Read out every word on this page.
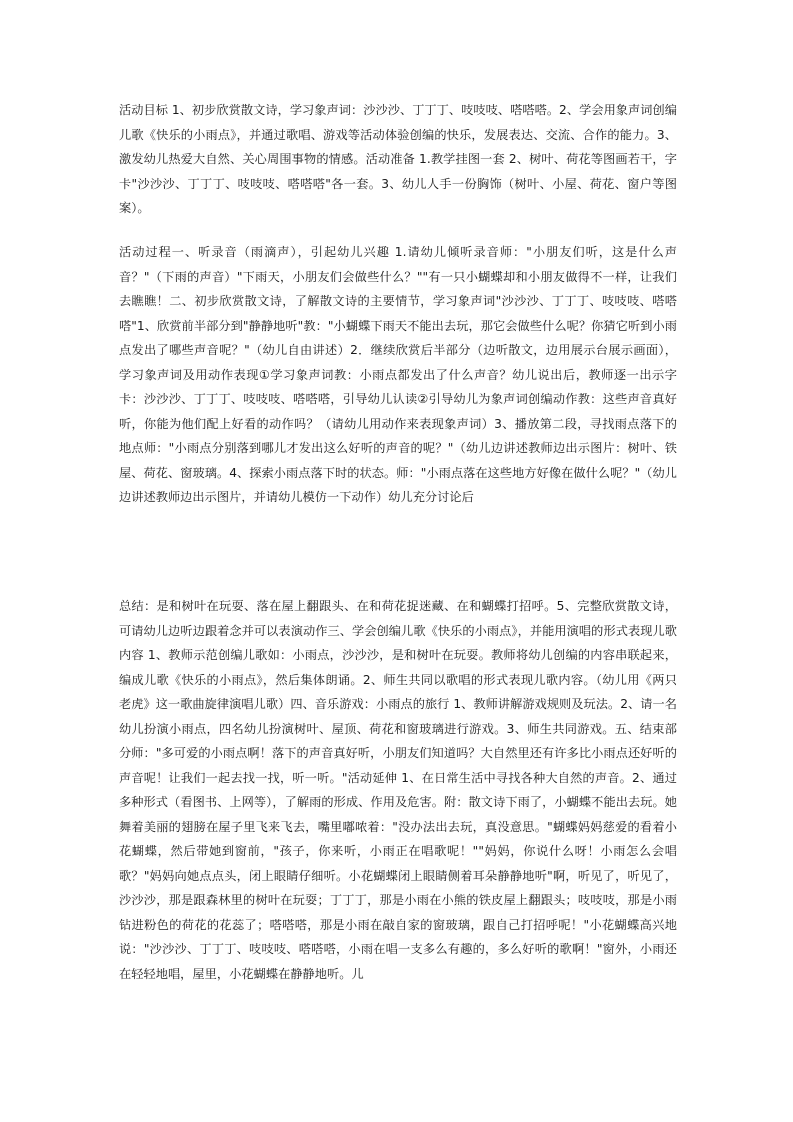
活动目标 1、初步欣赏散文诗，学习象声词：沙沙沙、丁丁丁、吱吱吱、嗒嗒嗒。2、学会用象声词创编儿歌《快乐的小雨点》，并通过歌唱、游戏等活动体验创编的快乐，发展表达、交流、合作的能力。3、激发幼儿热爱大自然、关心周围事物的情感。活动准备 1.教学挂图一套 2、树叶、荷花等图画若干，字卡"沙沙沙、丁丁丁、吱吱吱、嗒嗒嗒"各一套。3、幼儿人手一份胸饰（树叶、小屋、荷花、窗户等图案）。

活动过程一、听录音（雨滴声），引起幼儿兴趣 1.请幼儿倾听录音师："小朋友们听，这是什么声音？"（下雨的声音）"下雨天，小朋友们会做些什么？""有一只小蝴蝶却和小朋友做得不一样，让我们去瞧瞧！二、初步欣赏散文诗，了解散文诗的主要情节，学习象声词"沙沙沙、丁丁丁、吱吱吱、嗒嗒嗒"1、欣赏前半部分到"静静地听"教："小蝴蝶下雨天不能出去玩，那它会做些什么呢？你猜它听到小雨点发出了哪些声音呢？"（幼儿自由讲述）2．继续欣赏后半部分（边听散文，边用展示台展示画面），学习象声词及用动作表现①学习象声词教：小雨点都发出了什么声音？幼儿说出后，教师逐一出示字卡：沙沙沙、丁丁丁、吱吱吱、嗒嗒嗒，引导幼儿认读②引导幼儿为象声词创编动作教：这些声音真好听，你能为他们配上好看的动作吗？（请幼儿用动作来表现象声词）3、播放第二段，寻找雨点落下的地点师："小雨点分别落到哪儿才发出这么好听的声音的呢？"（幼儿边讲述教师边出示图片：树叶、铁屋、荷花、窗玻璃。4、探索小雨点落下时的状态。师："小雨点落在这些地方好像在做什么呢？"（幼儿边讲述教师边出示图片，并请幼儿模仿一下动作）幼儿充分讨论后

总结：是和树叶在玩耍、落在屋上翻跟头、在和荷花捉迷藏、在和蝴蝶打招呼。5、完整欣赏散文诗，可请幼儿边听边跟着念并可以表演动作三、学会创编儿歌《快乐的小雨点》，并能用演唱的形式表现儿歌内容 1、教师示范创编儿歌如：小雨点，沙沙沙，是和树叶在玩耍。教师将幼儿创编的内容串联起来，编成儿歌《快乐的小雨点》，然后集体朗诵。2、师生共同以歌唱的形式表现儿歌内容。（幼儿用《两只老虎》这一歌曲旋律演唱儿歌）四、音乐游戏：小雨点的旅行 1、教师讲解游戏规则及玩法。2、请一名幼儿扮演小雨点，四名幼儿扮演树叶、屋顶、荷花和窗玻璃进行游戏。3、师生共同游戏。五、结束部分师："多可爱的小雨点啊！落下的声音真好听，小朋友们知道吗？大自然里还有许多比小雨点还好听的声音呢！让我们一起去找一找，听一听。"活动延伸 1、在日常生活中寻找各种大自然的声音。2、通过多种形式（看图书、上网等），了解雨的形成、作用及危害。附：散文诗下雨了，小蝴蝶不能出去玩。她舞着美丽的翅膀在屋子里飞来飞去，嘴里嘟哝着："没办法出去玩，真没意思。"蝴蝶妈妈慈爱的看着小花蝴蝶，然后带她到窗前，"孩子，你来听，小雨正在唱歌呢！""妈妈，你说什么呀！小雨怎么会唱歌？"妈妈向她点点头，闭上眼睛仔细听。小花蝴蝶闭上眼睛侧着耳朵静静地听"啊，听见了，听见了，沙沙沙，那是跟森林里的树叶在玩耍；丁丁丁，那是小雨在小熊的铁皮屋上翻跟头；吱吱吱，那是小雨钻进粉色的荷花的花蕊了；嗒嗒嗒，那是小雨在敲自家的窗玻璃，跟自己打招呼呢！"小花蝴蝶高兴地说："沙沙沙、丁丁丁、吱吱吱、嗒嗒嗒，小雨在唱一支多么有趣的，多么好听的歌啊！"窗外，小雨还在轻轻地唱，屋里，小花蝴蝶在静静地听。儿
